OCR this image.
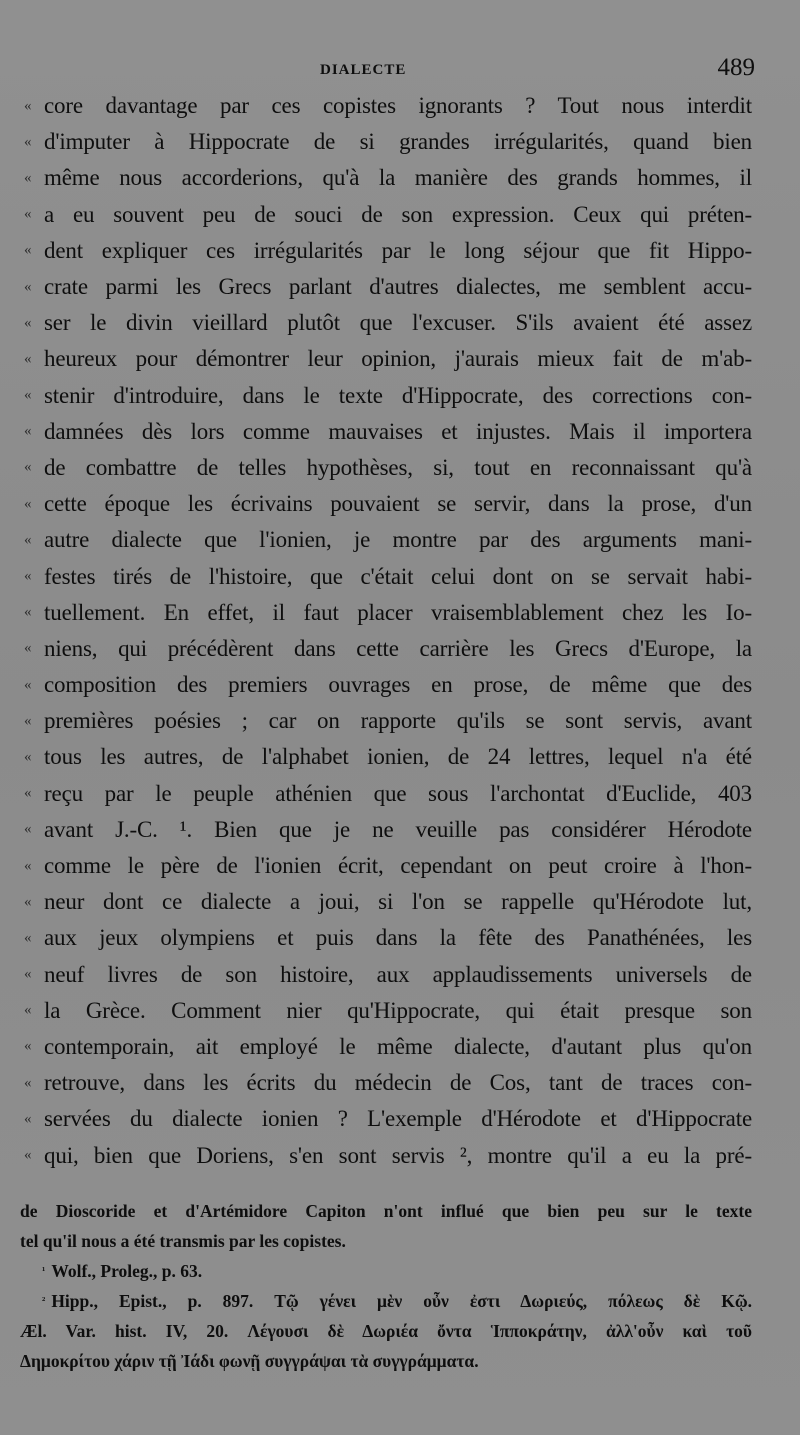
DIALECTE	489
« core davantage par ces copistes ignorants ? Tout nous interdit
« d'imputer à Hippocrate de si grandes irrégularités, quand bien
« même nous accorderions, qu'à la manière des grands hommes, il
« a eu souvent peu de souci de son expression. Ceux qui préten-
« dent expliquer ces irrégularités par le long séjour que fit Hippo-
« crate parmi les Grecs parlant d'autres dialectes, me semblent accu-
« ser le divin vieillard plutôt que l'excuser. S'ils avaient été assez
« heureux pour démontrer leur opinion, j'aurais mieux fait de m'ab-
« stenir d'introduire, dans le texte d'Hippocrate, des corrections con-
« damnées dès lors comme mauvaises et injustes. Mais il importera
« de combattre de telles hypothèses, si, tout en reconnaissant qu'à
« cette époque les écrivains pouvaient se servir, dans la prose, d'un
« autre dialecte que l'ionien, je montre par des arguments mani-
« festes tirés de l'histoire, que c'était celui dont on se servait habi-
« tuellement. En effet, il faut placer vraisemblablement chez les Io-
« niens, qui précédèrent dans cette carrière les Grecs d'Europe, la
« composition des premiers ouvrages en prose, de même que des
« premières poésies ; car on rapporte qu'ils se sont servis, avant
« tous les autres, de l'alphabet ionien, de 24 lettres, lequel n'a été
« reçu par le peuple athénien que sous l'archontat d'Euclide, 403
« avant J.-C. ¹. Bien que je ne veuille pas considérer Hérodote
« comme le père de l'ionien écrit, cependant on peut croire à l'hon-
« neur dont ce dialecte a joui, si l'on se rappelle qu'Hérodote lut,
« aux jeux olympiens et puis dans la fête des Panathénées, les
« neuf livres de son histoire, aux applaudissements universels de
« la Grèce. Comment nier qu'Hippocrate, qui était presque son
« contemporain, ait employé le même dialecte, d'autant plus qu'on
« retrouve, dans les écrits du médecin de Cos, tant de traces con-
« servées du dialecte ionien ? L'exemple d'Hérodote et d'Hippocrate
« qui, bien que Doriens, s'en sont servis ², montre qu'il a eu la pré-
de Dioscoride et d'Artémidore Capiton n'ont influé que bien peu sur le texte
tel qu'il nous a été transmis par les copistes.
¹ Wolf., Proleg., p. 63.
² Hipp., Epist., p. 897. Τῷ γένει μὲν οὖν ἐστι Δωριεύς, πόλεως δὲ Κῷ.
Æl. Var. hist. IV, 20. Λέγουσι δὲ Δωριέα ὄντα Ἱπποκράτην, ἀλλ'οὖν καὶ τοῦ
Δημοκρίτου χάριν τῇ Ἰάδι φωνῇ συγγράψαι τὰ συγγράμματα.
